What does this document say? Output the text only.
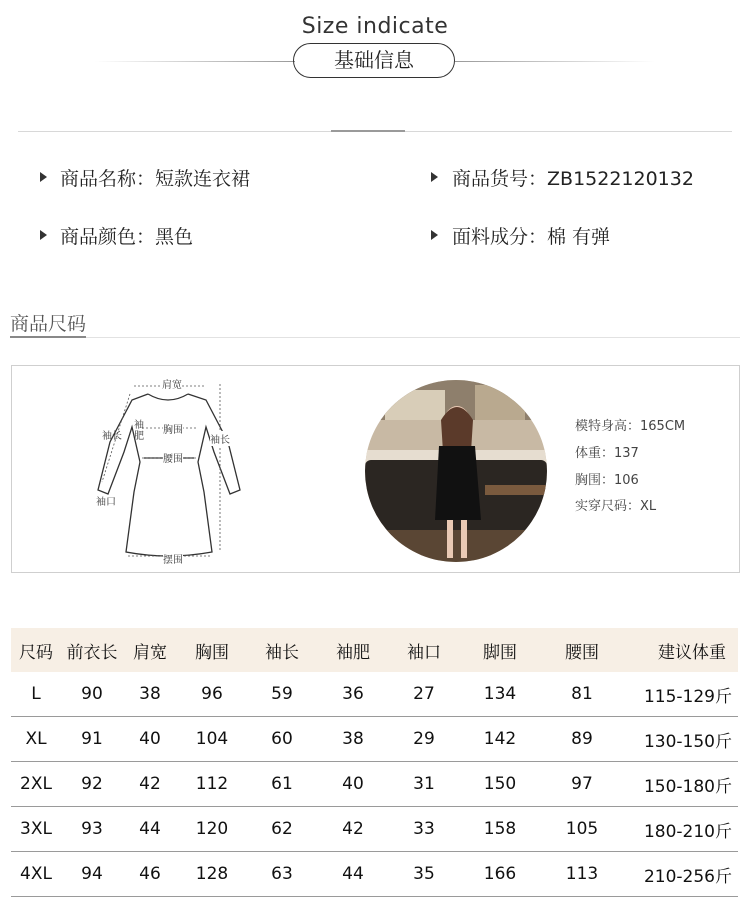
Size indicate
基础信息
商品名称：短款连衣裙	商品货号：ZB1522120132
商品颜色：黑色	面料成分：棉 有弹
商品尺码
肩宽
袖长
袖肥
胸围
腰围
袖长
袖口
摆围
模特身高：165CM
体重：137
胸围：106
实穿尺码：XL
尺码	前衣长	肩宽	胸围	袖长	袖肥	袖口	脚围	腰围	建议体重
L	90	38	96	59	36	27	134	81	115-129斤
XL	91	40	104	60	38	29	142	89	130-150斤
2XL	92	42	112	61	40	31	150	97	150-180斤
3XL	93	44	120	62	42	33	158	105	180-210斤
4XL	94	46	128	63	44	35	166	113	210-256斤
